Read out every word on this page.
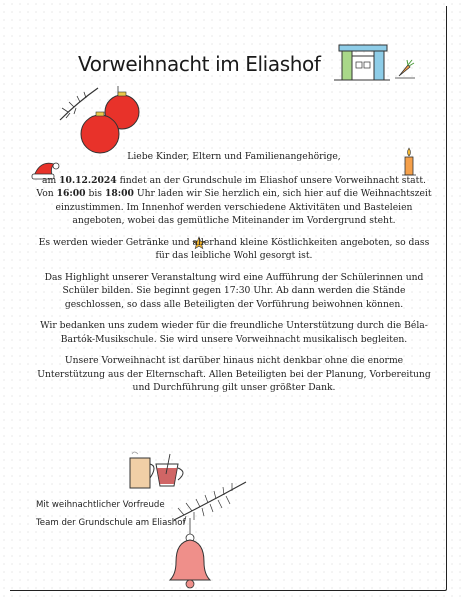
Vorweihnacht im Eliashof

Liebe Kinder, Eltern und Familienangehörige,

am 10.12.2024 findet an der Grundschule im Eliashof unsere Vorweihnacht statt. Von 16:00 bis 18:00 Uhr laden wir Sie herzlich ein, sich hier auf die Weihnachtszeit einzustimmen. Im Innenhof werden verschiedene Aktivitäten und Basteleien angeboten, wobei das gemütliche Miteinander im Vordergrund steht.

Es werden wieder Getränke und allerhand kleine Köstlichkeiten angeboten, so dass für das leibliche Wohl gesorgt ist.

Das Highlight unserer Veranstaltung wird eine Aufführung der Schülerinnen und Schüler bilden. Sie beginnt gegen 17:30 Uhr. Ab dann werden die Stände geschlossen, so dass alle Beteiligten der Vorführung beiwohnen können.

Wir bedanken uns zudem wieder für die freundliche Unterstützung durch die Béla-Bartók-Musikschule. Sie wird unsere Vorweihnacht musikalisch begleiten.

Unsere Vorweihnacht ist darüber hinaus nicht denkbar ohne die enorme Unterstützung aus der Elternschaft. Allen Beteiligten bei der Planung, Vorbereitung und Durchführung gilt unser größter Dank.

Mit weihnachtlicher Vorfreude
Team der Grundschule am Eliashof
